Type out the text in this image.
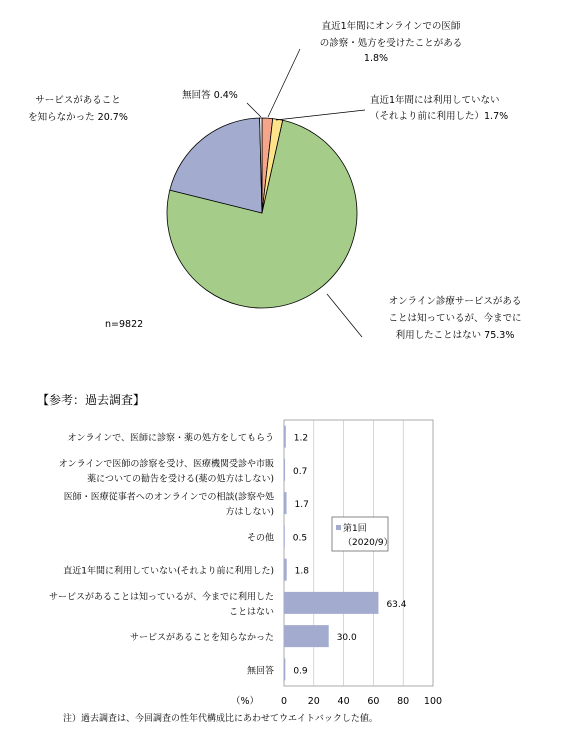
直近1年間にオンラインでの医師
の診察・処方を受けたことがある
1.8%
直近1年間には利用していない
（それより前に利用した）1.7%
オンライン診療サービスがある
ことは知っているが、今までに
利用したことはない 75.3%
サービスがあること
を知らなかった 20.7%
無回答 0.4%
n=9822
【参考：過去調査】
0 20 40 60 80 100
（%）
1.2
オンラインで、医師に診察・薬の処方をしてもらう
0.7
オンラインで医師の診察を受け、医療機関受診や市販
薬についての勧告を受ける(薬の処方はしない)
1.7
医師・医療従事者へのオンラインでの相談(診察や処
方はしない)
0.5
その他
1.8
直近1年間に利用していない(それより前に利用した)
63.4
サービスがあることは知っているが、今までに利用した
ことはない
30.0
サービスがあることを知らなかった
0.9
無回答
第1回
（2020/9）
注）過去調査は、今回調査の性年代構成比にあわせてウエイトバックした値。
